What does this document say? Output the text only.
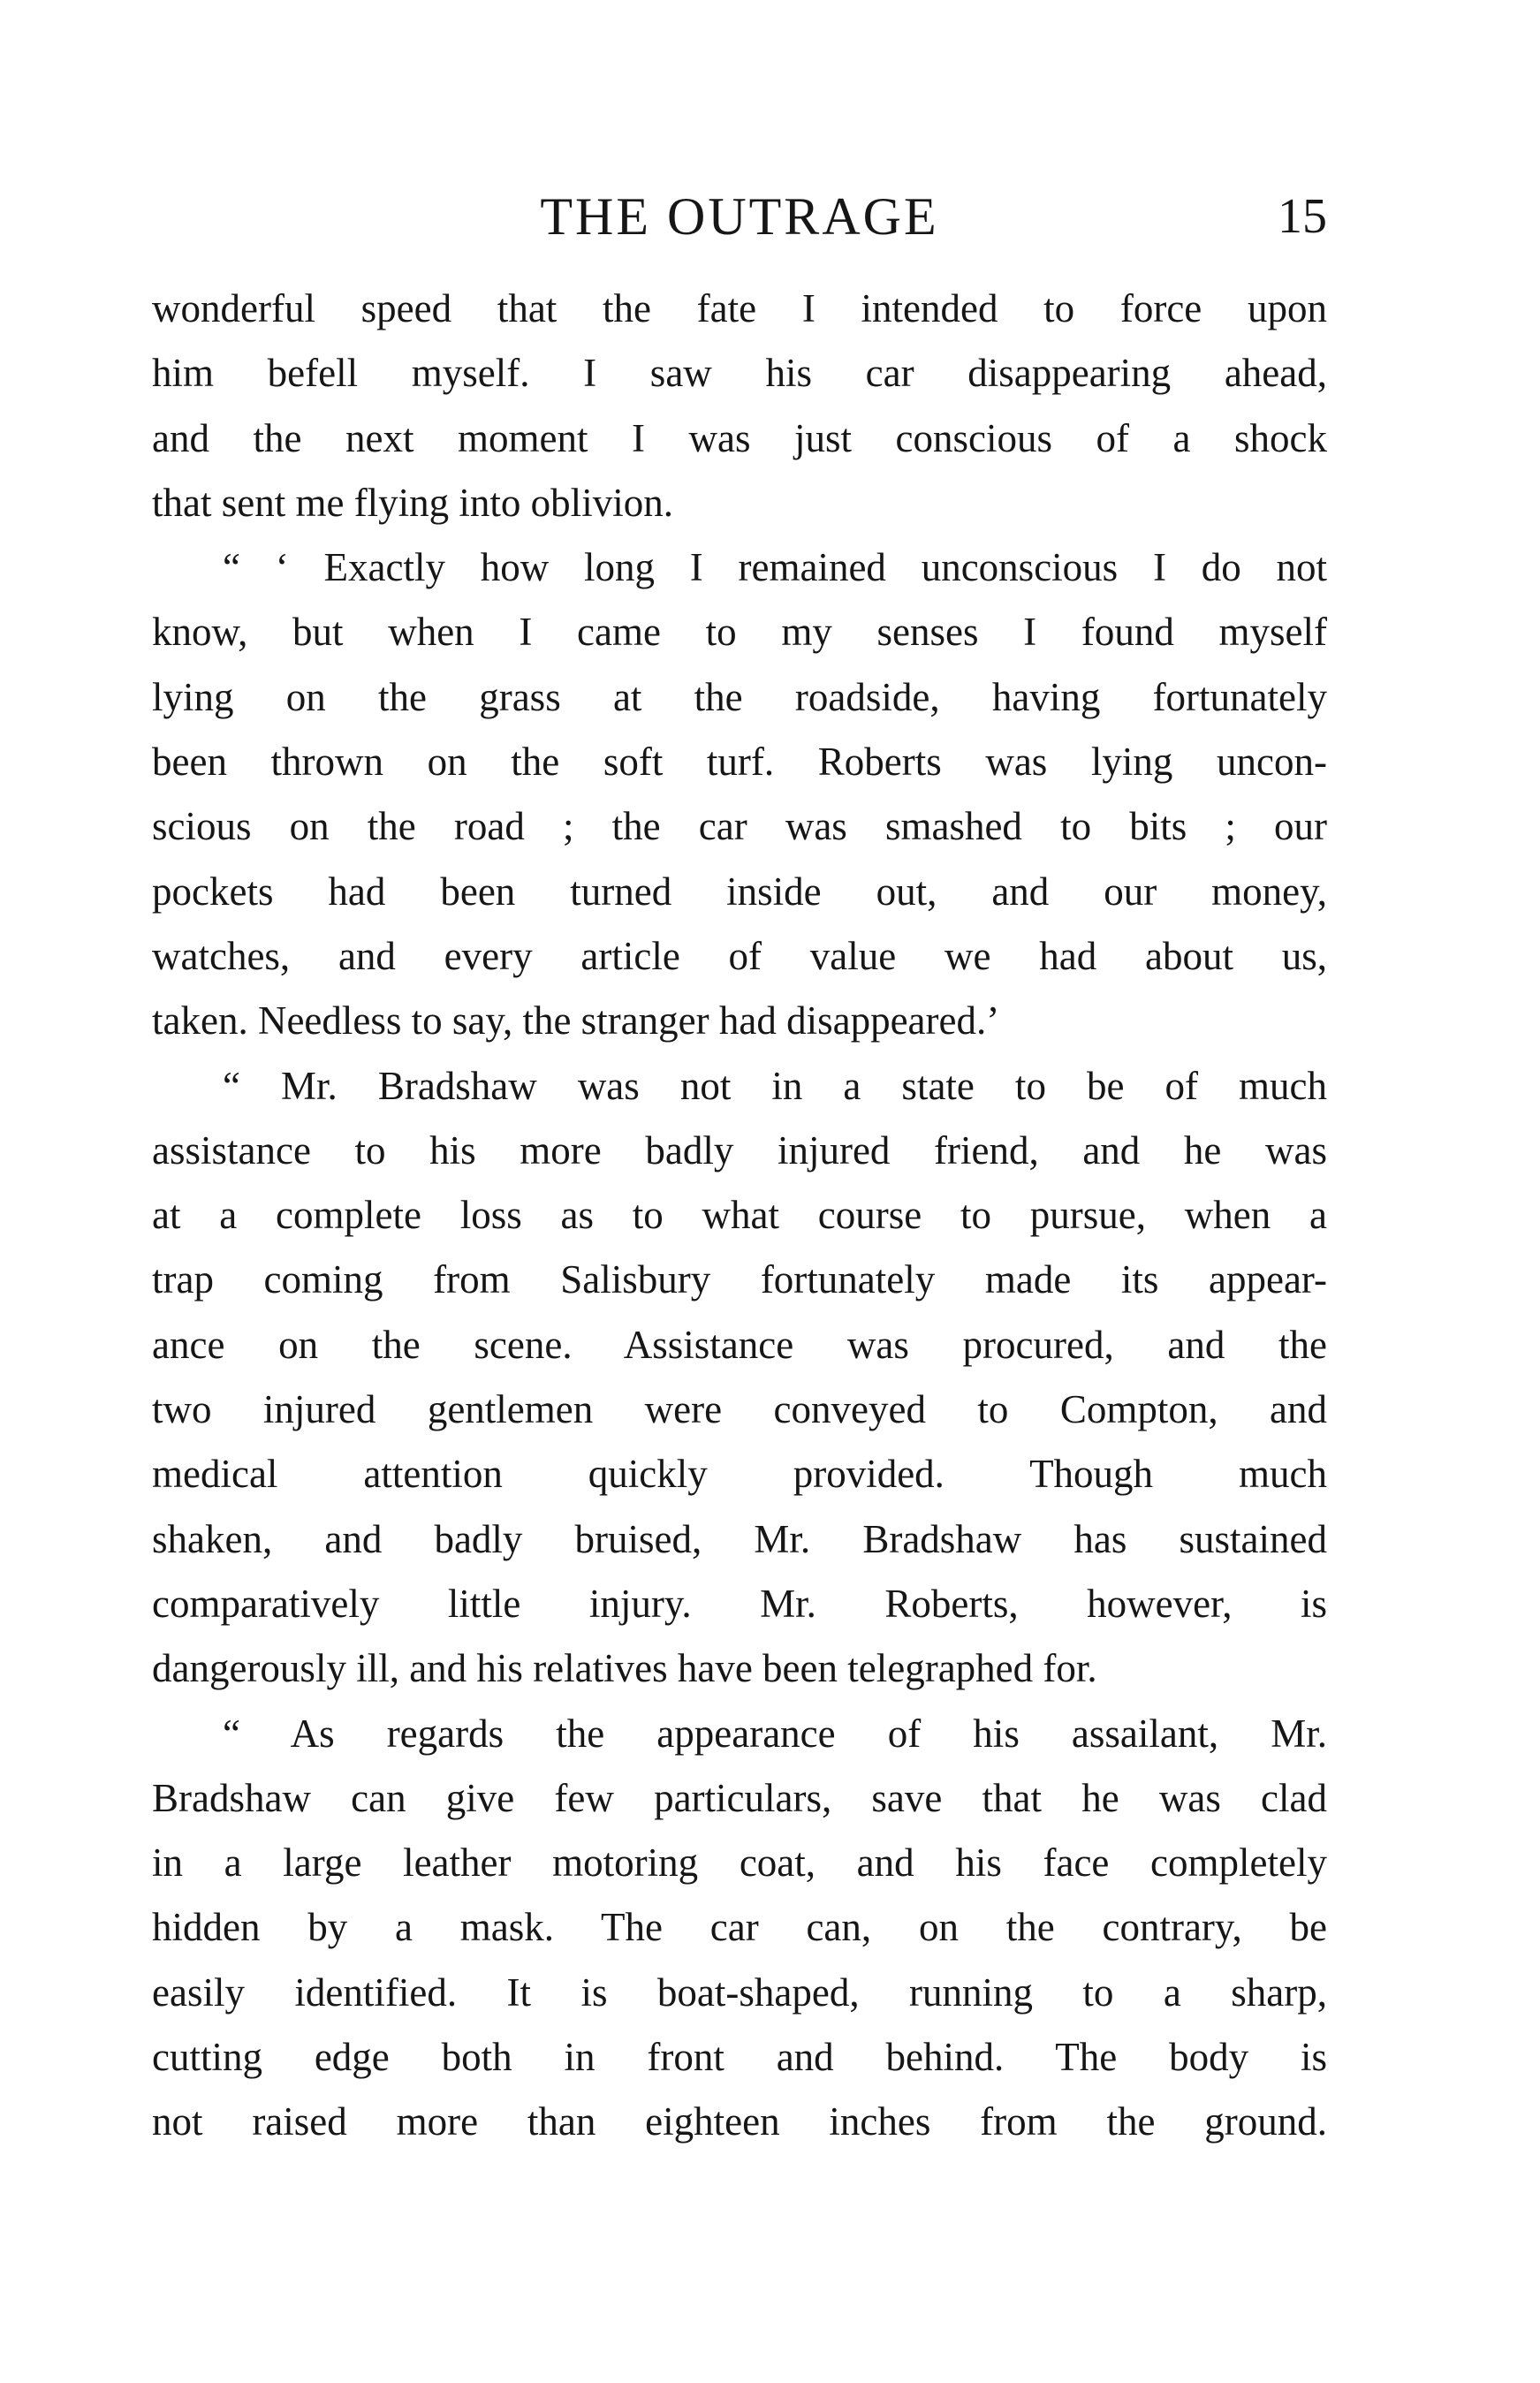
THE OUTRAGE	15
wonderful speed that the fate I intended to force upon
him befell myself. I saw his car disappearing ahead,
and the next moment I was just conscious of a shock
that sent me flying into oblivion.
“ ‘ Exactly how long I remained unconscious I do not
know, but when I came to my senses I found myself
lying on the grass at the roadside, having fortunately
been thrown on the soft turf. Roberts was lying uncon-
scious on the road ; the car was smashed to bits ; our
pockets had been turned inside out, and our money,
watches, and every article of value we had about us,
taken. Needless to say, the stranger had disappeared.’
“ Mr. Bradshaw was not in a state to be of much
assistance to his more badly injured friend, and he was
at a complete loss as to what course to pursue, when a
trap coming from Salisbury fortunately made its appear-
ance on the scene. Assistance was procured, and the
two injured gentlemen were conveyed to Compton, and
medical attention quickly provided. Though much
shaken, and badly bruised, Mr. Bradshaw has sustained
comparatively little injury. Mr. Roberts, however, is
dangerously ill, and his relatives have been telegraphed for.
“ As regards the appearance of his assailant, Mr.
Bradshaw can give few particulars, save that he was clad
in a large leather motoring coat, and his face completely
hidden by a mask. The car can, on the contrary, be
easily identified. It is boat-shaped, running to a sharp,
cutting edge both in front and behind. The body is
not raised more than eighteen inches from the ground.
